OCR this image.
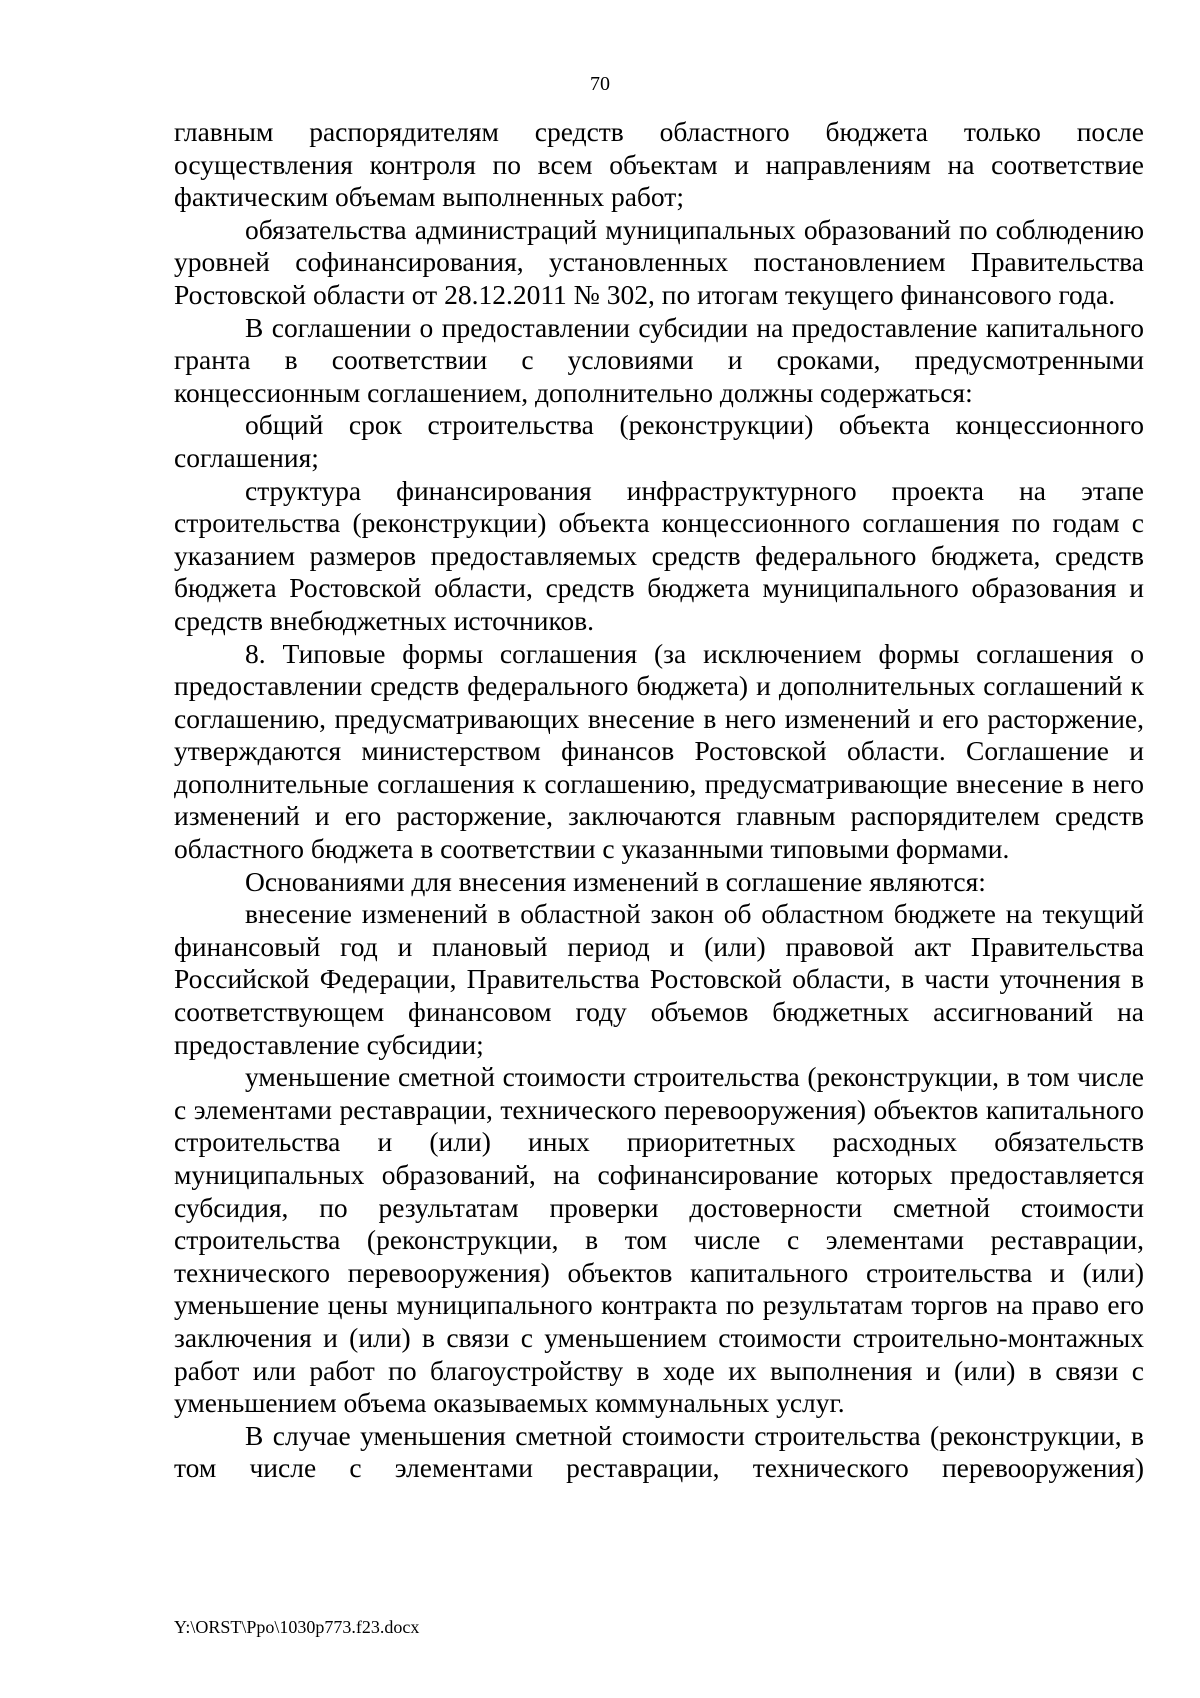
70

главным распорядителям средств областного бюджета только после осуществления контроля по всем объектам и направлениям на соответствие фактическим объемам выполненных работ;

обязательства администраций муниципальных образований по соблюдению уровней софинансирования, установленных постановлением Правительства Ростовской области от 28.12.2011 № 302, по итогам текущего финансового года.

В соглашении о предоставлении субсидии на предоставление капитального гранта в соответствии с условиями и сроками, предусмотренными концессионным соглашением, дополнительно должны содержаться:

общий срок строительства (реконструкции) объекта концессионного соглашения;

структура финансирования инфраструктурного проекта на этапе строительства (реконструкции) объекта концессионного соглашения по годам с указанием размеров предоставляемых средств федерального бюджета, средств бюджета Ростовской области, средств бюджета муниципального образования и средств внебюджетных источников.

8. Типовые формы соглашения (за исключением формы соглашения о предоставлении средств федерального бюджета) и дополнительных соглашений к соглашению, предусматривающих внесение в него изменений и его расторжение, утверждаются министерством финансов Ростовской области. Соглашение и дополнительные соглашения к соглашению, предусматривающие внесение в него изменений и его расторжение, заключаются главным распорядителем средств областного бюджета в соответствии с указанными типовыми формами.

Основаниями для внесения изменений в соглашение являются:

внесение изменений в областной закон об областном бюджете на текущий финансовый год и плановый период и (или) правовой акт Правительства Российской Федерации, Правительства Ростовской области, в части уточнения в соответствующем финансовом году объемов бюджетных ассигнований на предоставление субсидии;

уменьшение сметной стоимости строительства (реконструкции, в том числе с элементами реставрации, технического перевооружения) объектов капитального строительства и (или) иных приоритетных расходных обязательств муниципальных образований, на софинансирование которых предоставляется субсидия, по результатам проверки достоверности сметной стоимости строительства (реконструкции, в том числе с элементами реставрации, технического перевооружения) объектов капитального строительства и (или) уменьшение цены муниципального контракта по результатам торгов на право его заключения и (или) в связи с уменьшением стоимости строительно-монтажных работ или работ по благоустройству в ходе их выполнения и (или) в связи с уменьшением объема оказываемых коммунальных услуг.

В случае уменьшения сметной стоимости строительства (реконструкции, в том числе с элементами реставрации, технического перевооружения)

Y:\ORST\Ppo\1030p773.f23.docx
